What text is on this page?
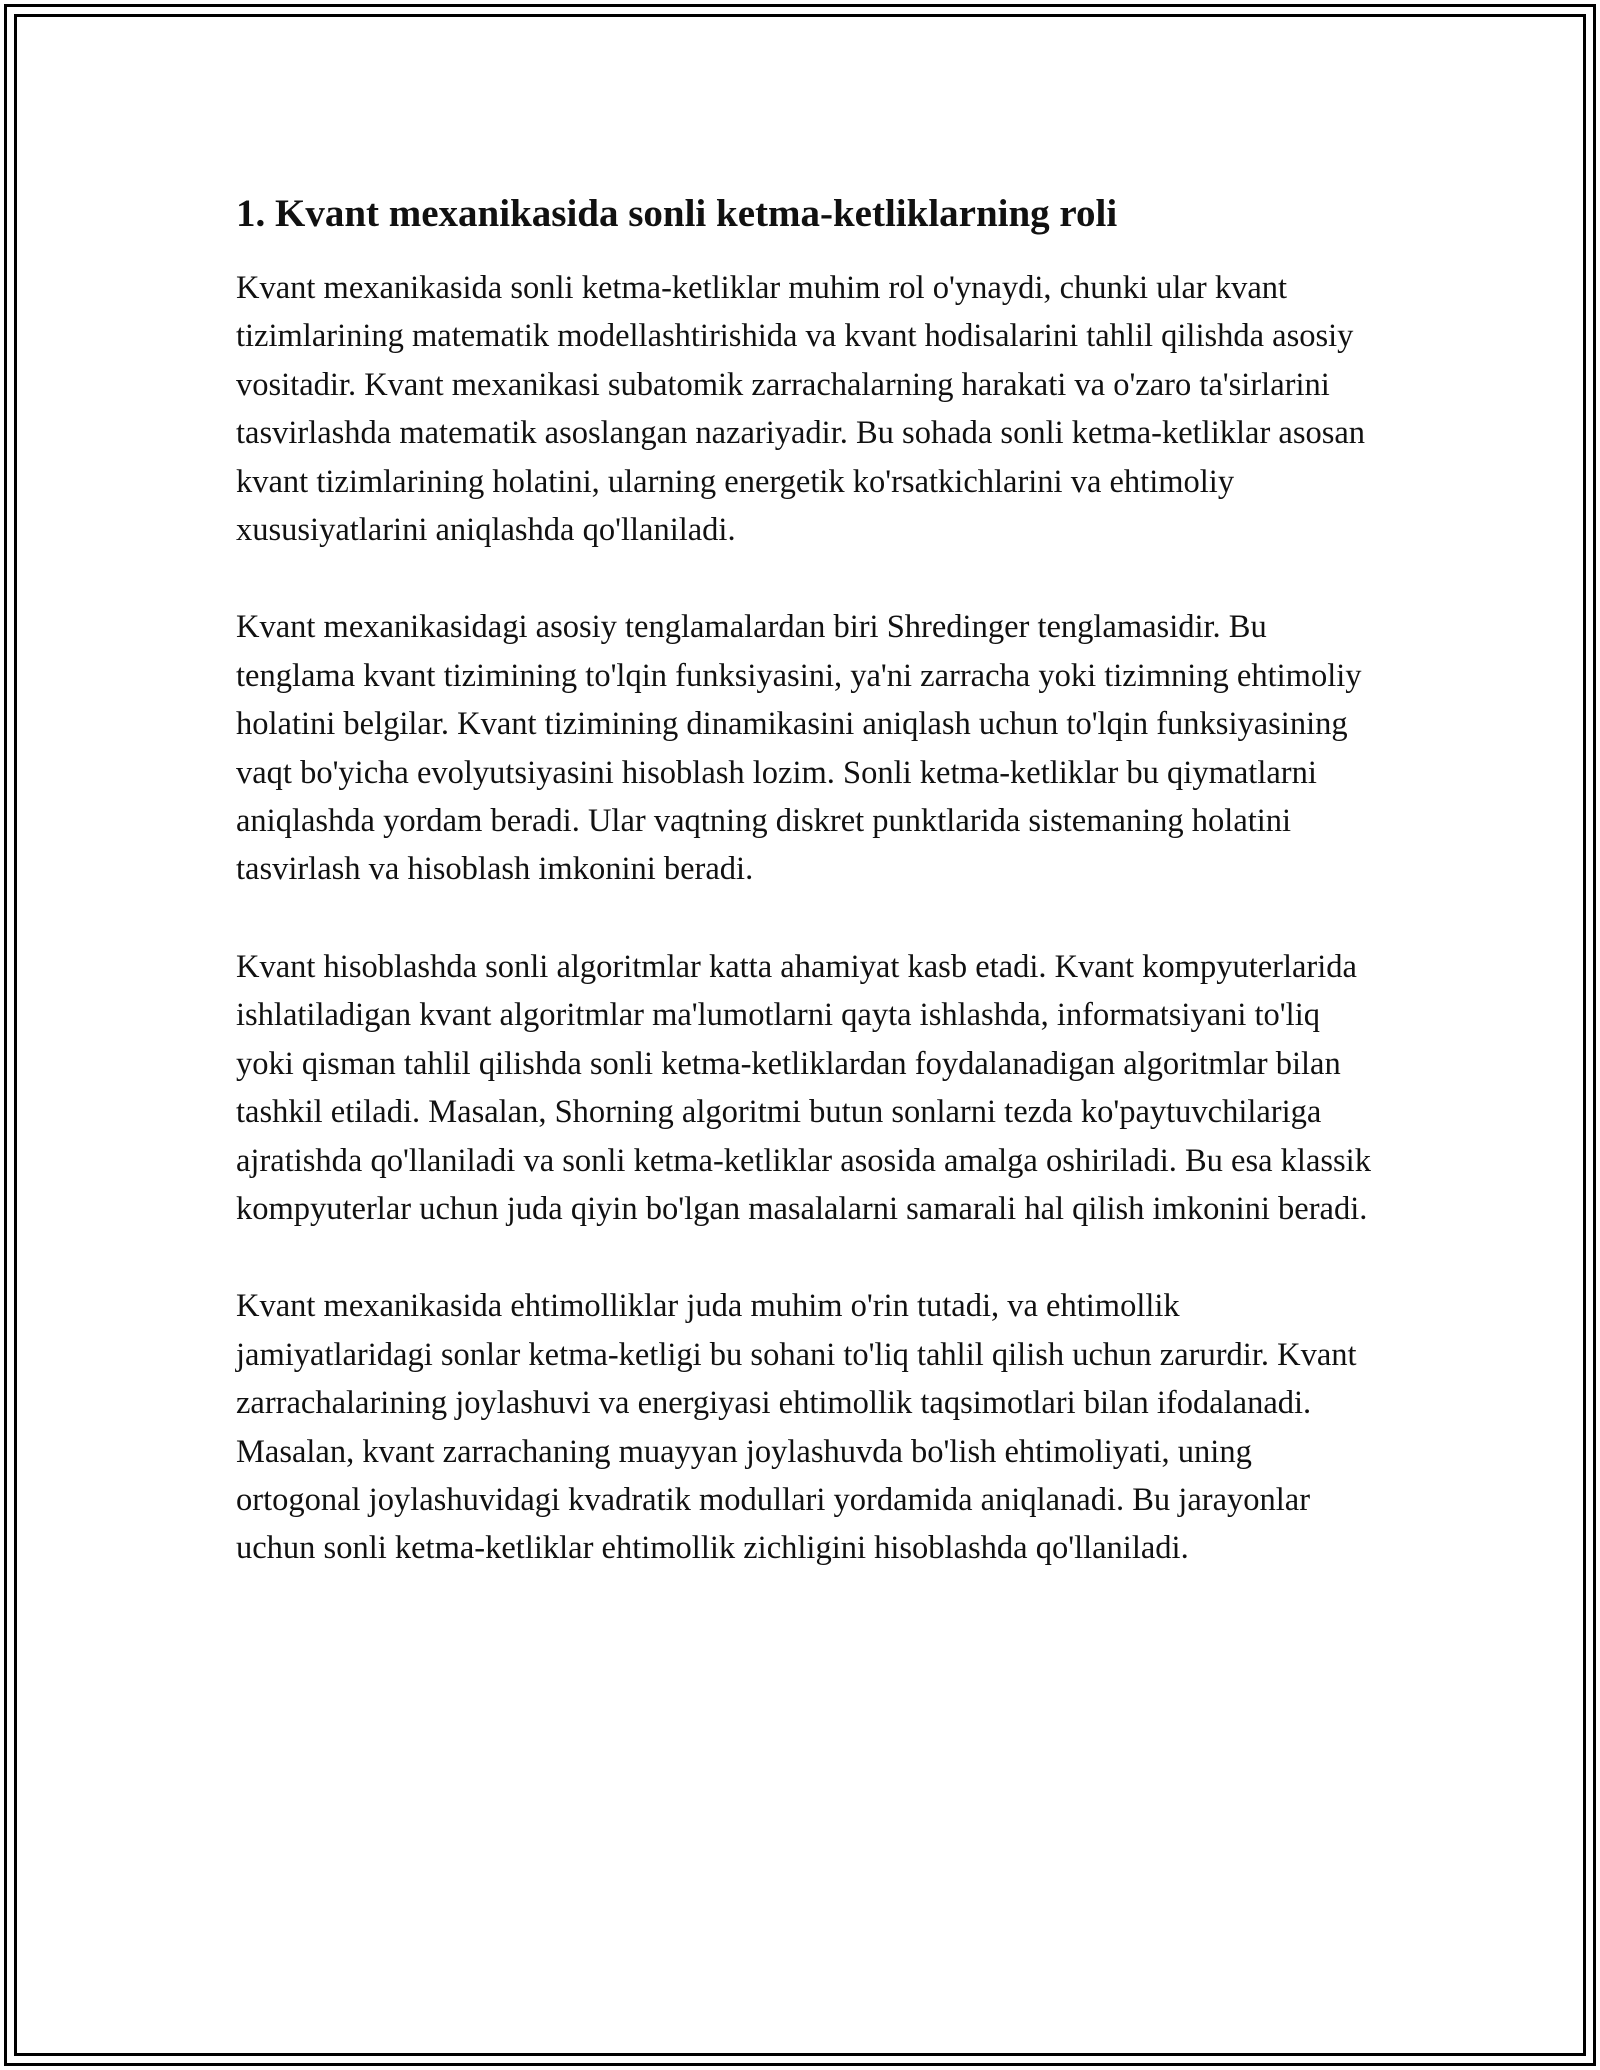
1. Kvant mexanikasida sonli ketma-ketliklarning roli

Kvant mexanikasida sonli ketma-ketliklar muhim rol o'ynaydi, chunki ular kvant tizimlarining matematik modellashtirishida va kvant hodisalarini tahlil qilishda asosiy vositadir. Kvant mexanikasi subatomik zarrachalarning harakati va o'zaro ta'sirlarini tasvirlashda matematik asoslangan nazariyadir. Bu sohada sonli ketma-ketliklar asosan kvant tizimlarining holatini, ularning energetik ko'rsatkichlarini va ehtimoliy xususiyatlarini aniqlashda qo'llaniladi.

Kvant mexanikasidagi asosiy tenglamalardan biri Shredinger tenglamasidir. Bu tenglama kvant tizimining to'lqin funksiyasini, ya'ni zarracha yoki tizimning ehtimoliy holatini belgilar. Kvant tizimining dinamikasini aniqlash uchun to'lqin funksiyasining vaqt bo'yicha evolyutsiyasini hisoblash lozim. Sonli ketma-ketliklar bu qiymatlarni aniqlashda yordam beradi. Ular vaqtning diskret punktlarida sistemaning holatini tasvirlash va hisoblash imkonini beradi.

Kvant hisoblashda sonli algoritmlar katta ahamiyat kasb etadi. Kvant kompyuterlarida ishlatiladigan kvant algoritmlar ma'lumotlarni qayta ishlashda, informatsiyani to'liq yoki qisman tahlil qilishda sonli ketma-ketliklardan foydalanadigan algoritmlar bilan tashkil etiladi. Masalan, Shorning algoritmi butun sonlarni tezda ko'paytuvchilariga ajratishda qo'llaniladi va sonli ketma-ketliklar asosida amalga oshiriladi. Bu esa klassik kompyuterlar uchun juda qiyin bo'lgan masalalarni samarali hal qilish imkonini beradi.

Kvant mexanikasida ehtimolliklar juda muhim o'rin tutadi, va ehtimollik jamiyatlaridagi sonlar ketma-ketligi bu sohani to'liq tahlil qilish uchun zarurdir. Kvant zarrachalarining joylashuvi va energiyasi ehtimollik taqsimotlari bilan ifodalanadi. Masalan, kvant zarrachaning muayyan joylashuvda bo'lish ehtimoliyati, uning ortogonal joylashuvidagi kvadratik modullari yordamida aniqlanadi. Bu jarayonlar uchun sonli ketma-ketliklar ehtimollik zichligini hisoblashda qo'llaniladi.
